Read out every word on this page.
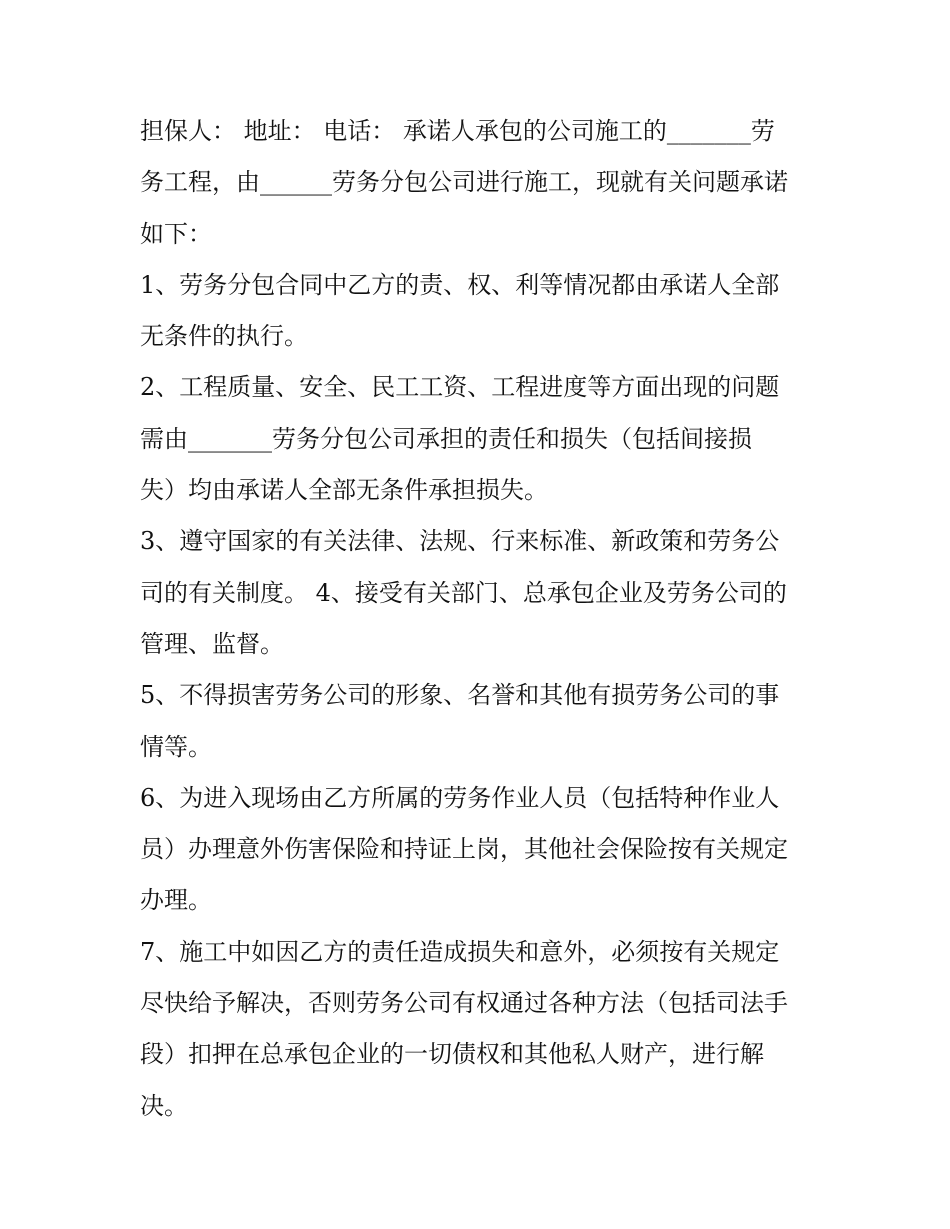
担保人： 地址： 电话： 承诺人承包的公司施工的_______劳
务工程，由______劳务分包公司进行施工，现就有关问题承诺
如下：
1、劳务分包合同中乙方的责、权、利等情况都由承诺人全部
无条件的执行。
2、工程质量、安全、民工工资、工程进度等方面出现的问题
需由_______劳务分包公司承担的责任和损失（包括间接损
失）均由承诺人全部无条件承担损失。
3、遵守国家的有关法律、法规、行来标准、新政策和劳务公
司的有关制度。 4、接受有关部门、总承包企业及劳务公司的
管理、监督。
5、不得损害劳务公司的形象、名誉和其他有损劳务公司的事
情等。
6、为进入现场由乙方所属的劳务作业人员（包括特种作业人
员）办理意外伤害保险和持证上岗，其他社会保险按有关规定
办理。
7、施工中如因乙方的责任造成损失和意外，必须按有关规定
尽快给予解决，否则劳务公司有权通过各种方法（包括司法手
段）扣押在总承包企业的一切债权和其他私人财产，进行解
决。
